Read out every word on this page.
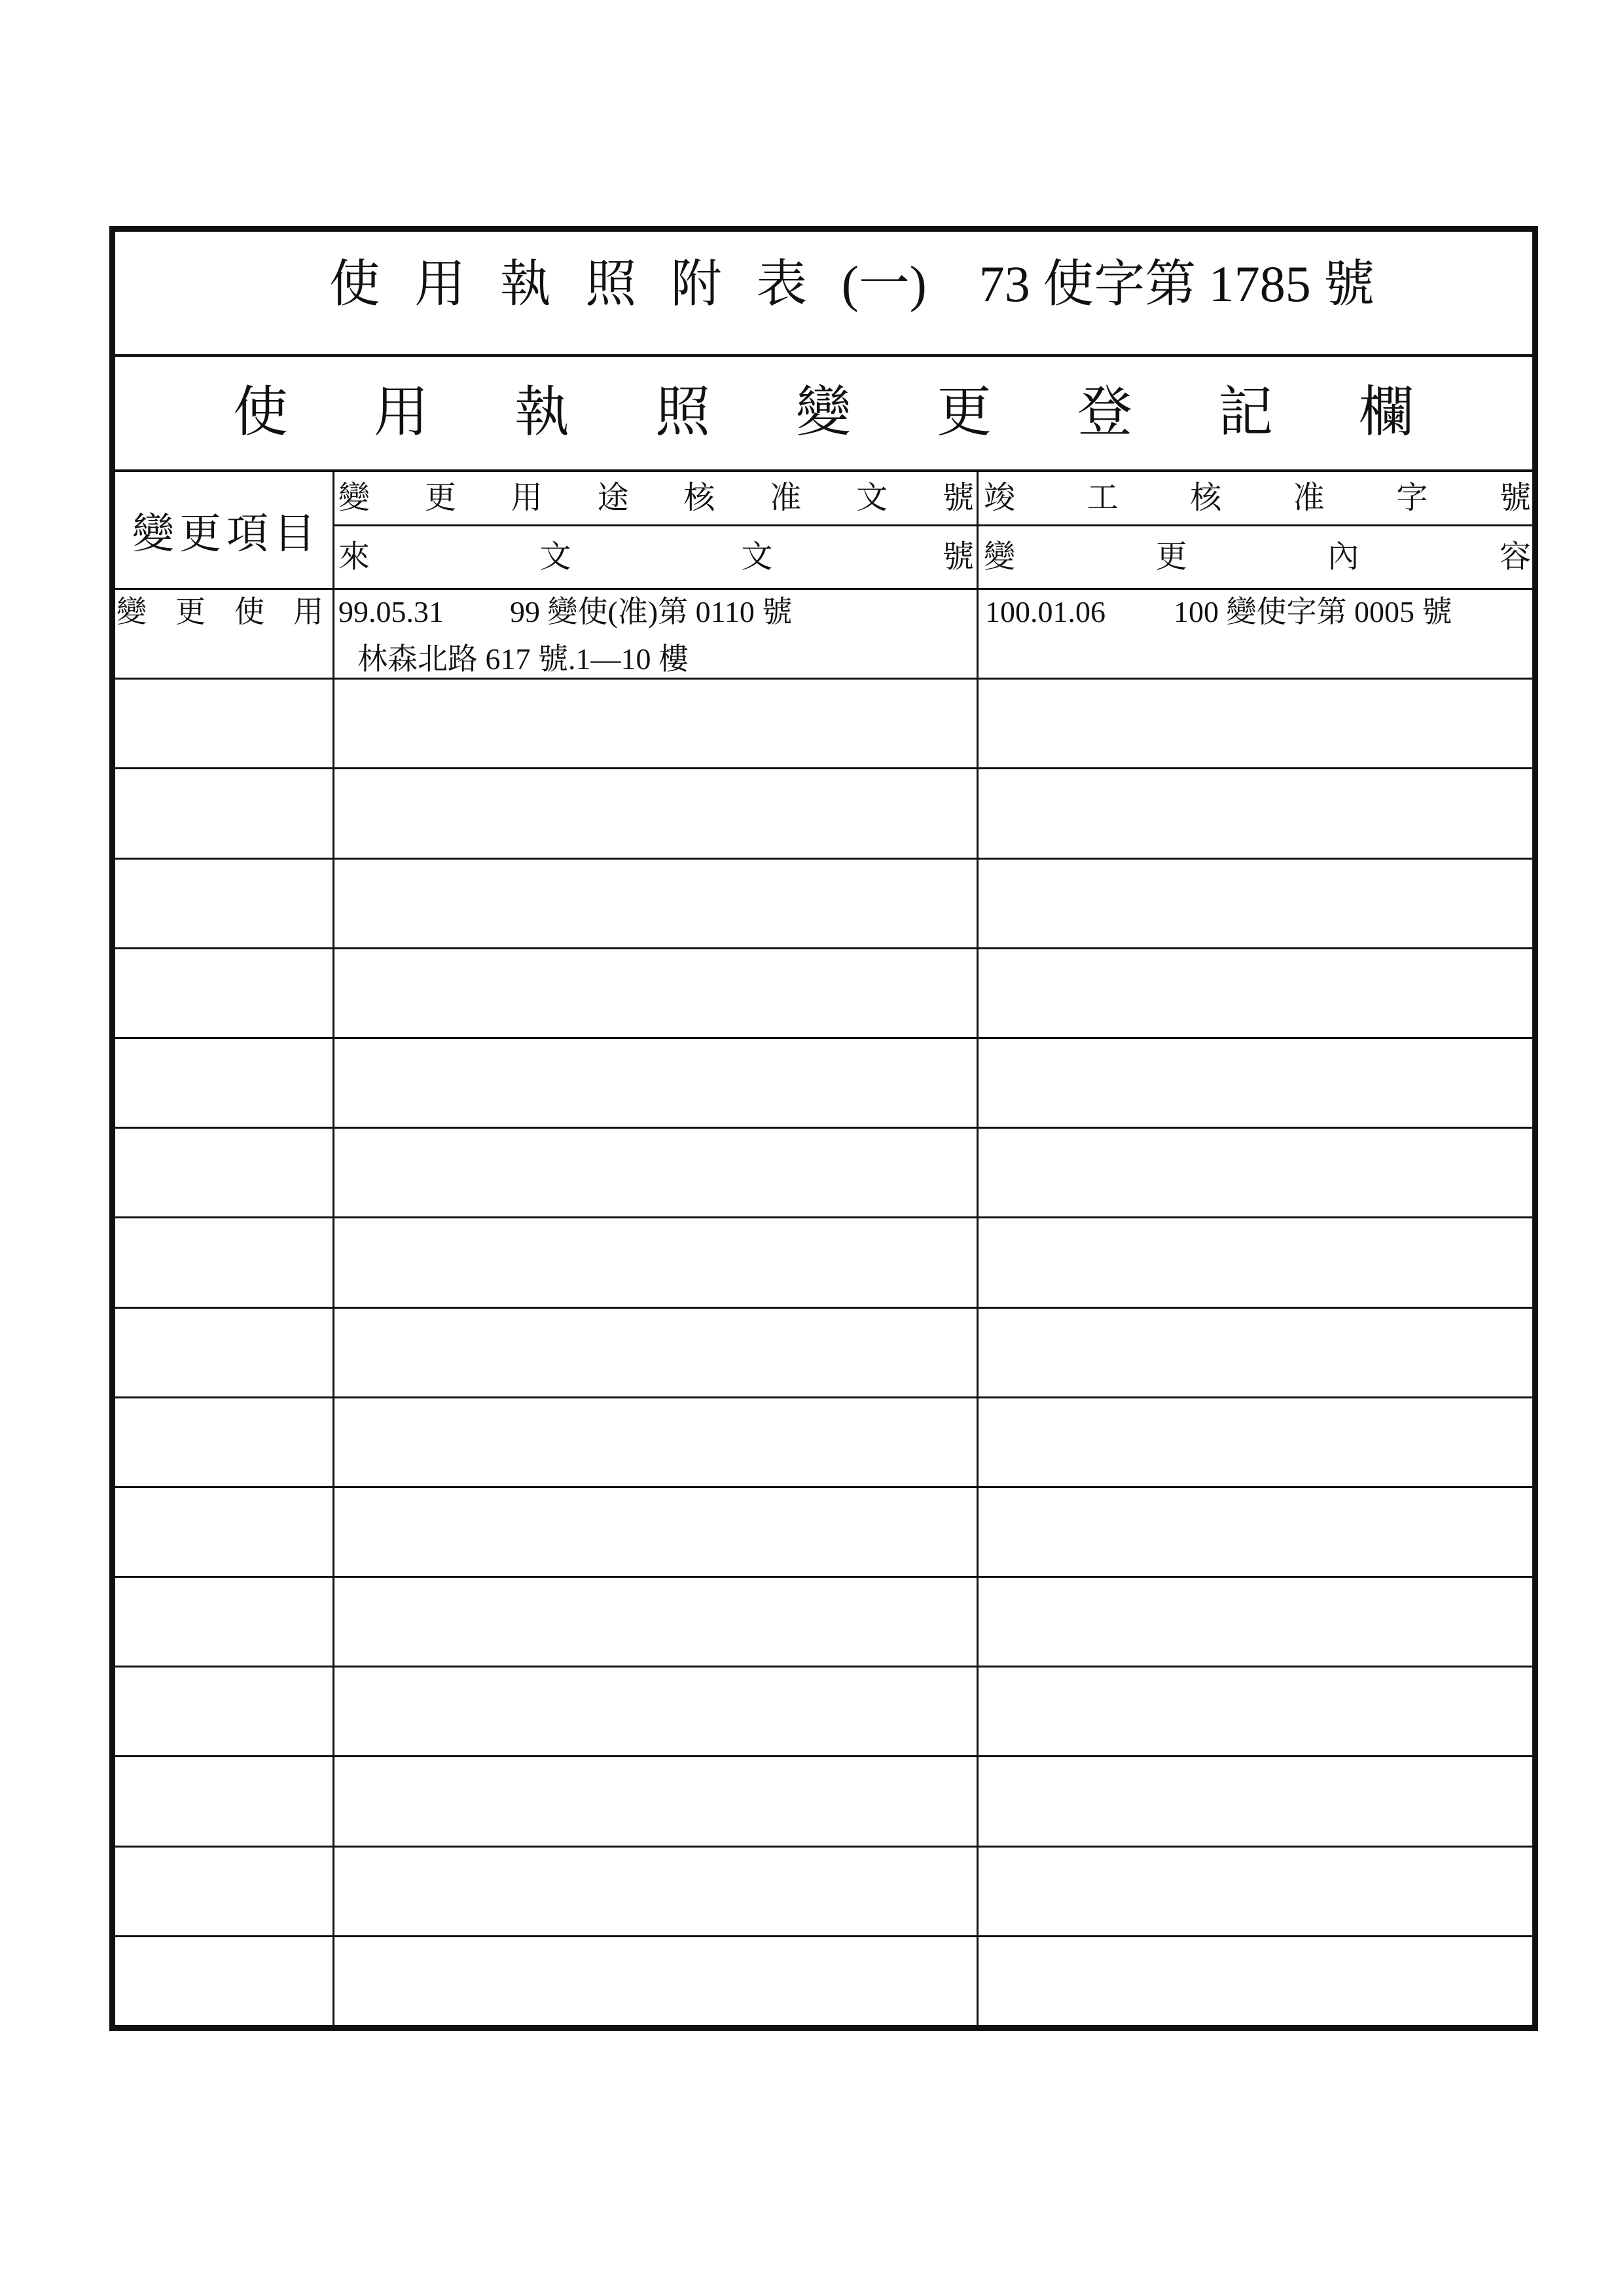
使 用 執 照 附 表 (一) 73 使字第 1785 號
使 用 執 照 變 更 登 記 欄
變更項目
變 更 用 途 核 准 文 號
來 文 文 號
竣 工 核 准 字 號
變 更 內 容
變 更 使 用 99.05.31 99 變使(准)第 0110 號
林森北路 617 號.1—10 樓
100.01.06 100 變使字第 0005 號
